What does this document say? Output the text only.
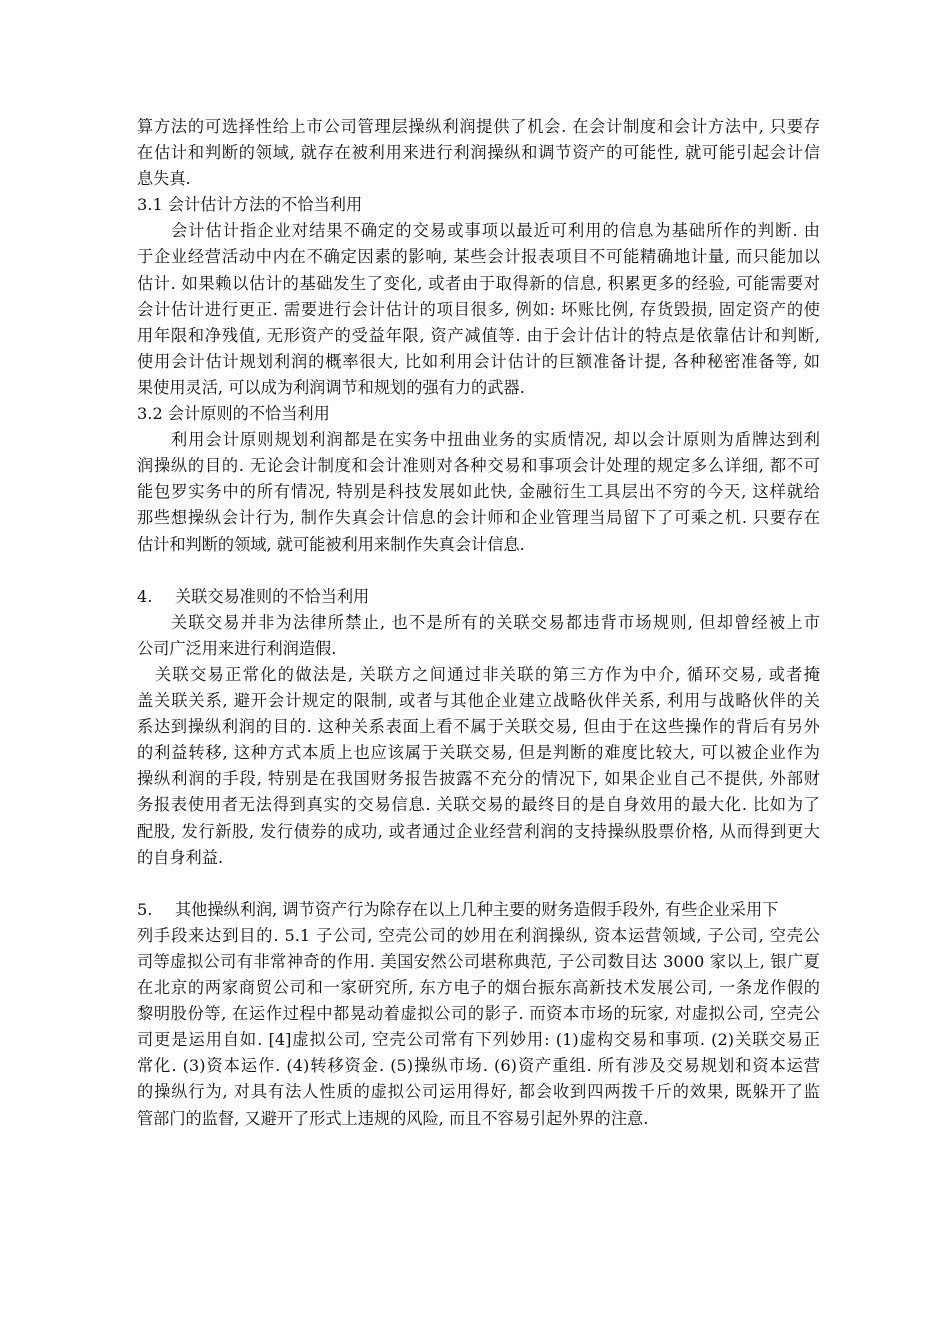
算方法的可选择性给上市公司管理层操纵利润提供了机会. 在会计制度和会计方法中, 只要存
在估计和判断的领域, 就存在被利用来进行利润操纵和调节资产的可能性, 就可能引起会计信
息失真.
3.1 会计估计方法的不恰当利用
会计估计指企业对结果不确定的交易或事项以最近可利用的信息为基础所作的判断. 由
于企业经营活动中内在不确定因素的影响, 某些会计报表项目不可能精确地计量, 而只能加以
估计. 如果赖以估计的基础发生了变化, 或者由于取得新的信息, 积累更多的经验, 可能需要对
会计估计进行更正. 需要进行会计估计的项目很多, 例如: 坏账比例, 存货毁损, 固定资产的使
用年限和净残值, 无形资产的受益年限, 资产减值等. 由于会计估计的特点是依靠估计和判断,
使用会计估计规划利润的概率很大, 比如利用会计估计的巨额准备计提, 各种秘密准备等, 如
果使用灵活, 可以成为利润调节和规划的强有力的武器.
3.2 会计原则的不恰当利用
利用会计原则规划利润都是在实务中扭曲业务的实质情况, 却以会计原则为盾牌达到利
润操纵的目的. 无论会计制度和会计准则对各种交易和事项会计处理的规定多么详细, 都不可
能包罗实务中的所有情况, 特别是科技发展如此快, 金融衍生工具层出不穷的今天, 这样就给
那些想操纵会计行为, 制作失真会计信息的会计师和企业管理当局留下了可乘之机. 只要存在
估计和判断的领域, 就可能被利用来制作失真会计信息.
4. 关联交易准则的不恰当利用
关联交易并非为法律所禁止, 也不是所有的关联交易都违背市场规则, 但却曾经被上市
公司广泛用来进行利润造假.
关联交易正常化的做法是, 关联方之间通过非关联的第三方作为中介, 循环交易, 或者掩
盖关联关系, 避开会计规定的限制, 或者与其他企业建立战略伙伴关系, 利用与战略伙伴的关
系达到操纵利润的目的. 这种关系表面上看不属于关联交易, 但由于在这些操作的背后有另外
的利益转移, 这种方式本质上也应该属于关联交易, 但是判断的难度比较大, 可以被企业作为
操纵利润的手段, 特别是在我国财务报告披露不充分的情况下, 如果企业自己不提供, 外部财
务报表使用者无法得到真实的交易信息. 关联交易的最终目的是自身效用的最大化. 比如为了
配股, 发行新股, 发行债券的成功, 或者通过企业经营利润的支持操纵股票价格, 从而得到更大
的自身利益.
5. 其他操纵利润, 调节资产行为除存在以上几种主要的财务造假手段外, 有些企业采用下
列手段来达到目的. 5.1 子公司, 空壳公司的妙用在利润操纵, 资本运营领域, 子公司, 空壳公
司等虚拟公司有非常神奇的作用. 美国安然公司堪称典范, 子公司数目达 3000 家以上, 银广夏
在北京的两家商贸公司和一家研究所, 东方电子的烟台振东高新技术发展公司, 一条龙作假的
黎明股份等, 在运作过程中都晃动着虚拟公司的影子. 而资本市场的玩家, 对虚拟公司, 空壳公
司更是运用自如. [4]虚拟公司, 空壳公司常有下列妙用: (1)虚构交易和事项. (2)关联交易正
常化. (3)资本运作. (4)转移资金. (5)操纵市场. (6)资产重组. 所有涉及交易规划和资本运营
的操纵行为, 对具有法人性质的虚拟公司运用得好, 都会收到四两拨千斤的效果, 既躲开了监
管部门的监督, 又避开了形式上违规的风险, 而且不容易引起外界的注意.
